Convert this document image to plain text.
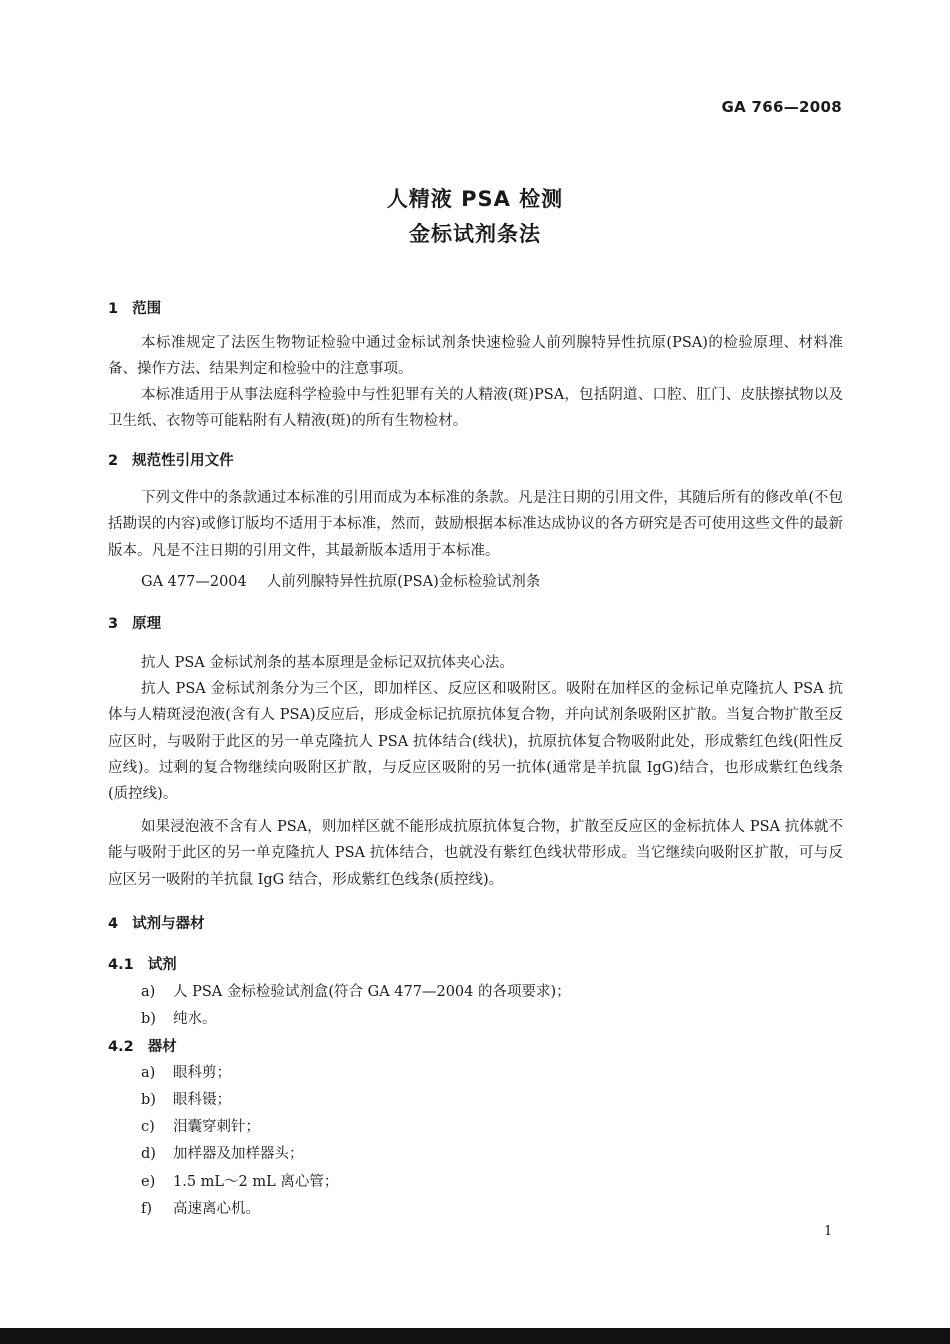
GA 766—2008
人精液 PSA 检测
金标试剂条法
1 范围

本标准规定了法医生物物证检验中通过金标试剂条快速检验人前列腺特异性抗原(PSA)的检验原理、材料准备、操作方法、结果判定和检验中的注意事项。

本标准适用于从事法庭科学检验中与性犯罪有关的人精液(斑)PSA，包括阴道、口腔、肛门、皮肤擦拭物以及卫生纸、衣物等可能粘附有人精液(斑)的所有生物检材。

2 规范性引用文件

下列文件中的条款通过本标准的引用而成为本标准的条款。凡是注日期的引用文件，其随后所有的修改单(不包括勘误的内容)或修订版均不适用于本标准，然而，鼓励根据本标准达成协议的各方研究是否可使用这些文件的最新版本。凡是不注日期的引用文件，其最新版本适用于本标准。

GA 477—2004 人前列腺特异性抗原(PSA)金标检验试剂条
3 原理

抗人 PSA 金标试剂条的基本原理是金标记双抗体夹心法。

抗人 PSA 金标试剂条分为三个区，即加样区、反应区和吸附区。吸附在加样区的金标记单克隆抗人 PSA 抗体与人精斑浸泡液(含有人 PSA)反应后，形成金标记抗原抗体复合物，并向试剂条吸附区扩散。当复合物扩散至反应区时，与吸附于此区的另一单克隆抗人 PSA 抗体结合(线状)，抗原抗体复合物吸附此处，形成紫红色线(阳性反应线)。过剩的复合物继续向吸附区扩散，与反应区吸附的另一抗体(通常是羊抗鼠 IgG)结合，也形成紫红色线条(质控线)。

如果浸泡液不含有人 PSA，则加样区就不能形成抗原抗体复合物，扩散至反应区的金标抗体人 PSA 抗体就不能与吸附于此区的另一单克隆抗人 PSA 抗体结合，也就没有紫红色线状带形成。当它继续向吸附区扩散，可与反应区另一吸附的羊抗鼠 IgG 结合，形成紫红色线条(质控线)。

4 试剂与器材
4.1 试剂
a) 人 PSA 金标检验试剂盒(符合 GA 477—2004 的各项要求)；
b) 纯水。
4.2 器材
a) 眼科剪；
b) 眼科镊；
c) 泪囊穿刺针；
d) 加样器及加样器头；
e) 1.5 mL～2 mL 离心管；
f) 高速离心机。
1
